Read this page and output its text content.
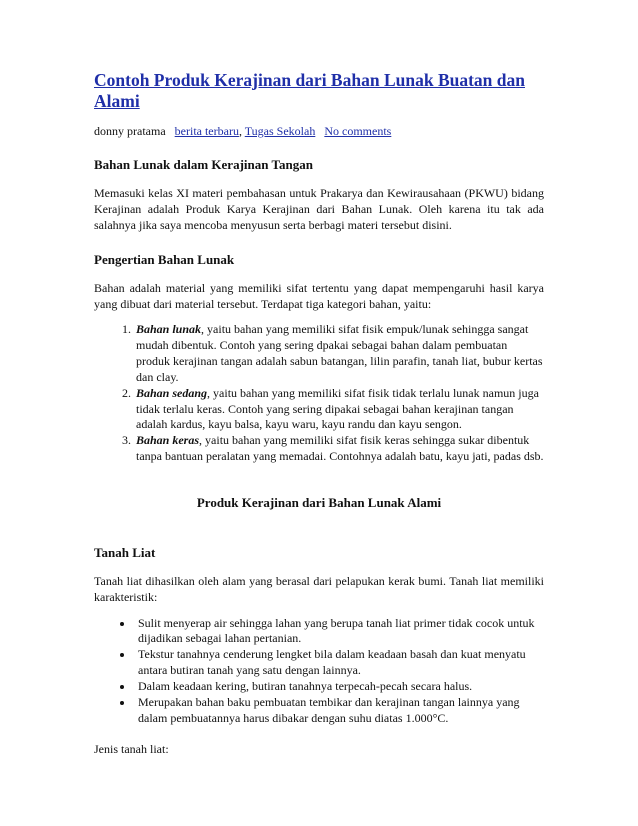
Contoh Produk Kerajinan dari Bahan Lunak Buatan dan Alami
donny pratama berita terbaru, Tugas Sekolah No comments
Bahan Lunak dalam Kerajinan Tangan

Memasuki kelas XI materi pembahasan untuk Prakarya dan Kewirausahaan (PKWU) bidang Kerajinan adalah Produk Karya Kerajinan dari Bahan Lunak. Oleh karena itu tak ada salahnya jika saya mencoba menyusun serta berbagi materi tersebut disini.

Pengertian Bahan Lunak

Bahan adalah material yang memiliki sifat tertentu yang dapat mempengaruhi hasil karya yang dibuat dari material tersebut. Terdapat tiga kategori bahan, yaitu:

1. Bahan lunak, yaitu bahan yang memiliki sifat fisik empuk/lunak sehingga sangat mudah dibentuk. Contoh yang sering dpakai sebagai bahan dalam pembuatan produk kerajinan tangan adalah sabun batangan, lilin parafin, tanah liat, bubur kertas dan clay.
2. Bahan sedang, yaitu bahan yang memiliki sifat fisik tidak terlalu lunak namun juga tidak terlalu keras. Contoh yang sering dipakai sebagai bahan kerajinan tangan adalah kardus, kayu balsa, kayu waru, kayu randu dan kayu sengon.
3. Bahan keras, yaitu bahan yang memiliki sifat fisik keras sehingga sukar dibentuk tanpa bantuan peralatan yang memadai. Contohnya adalah batu, kayu jati, padas dsb.
Produk Kerajinan dari Bahan Lunak Alami
Tanah Liat

Tanah liat dihasilkan oleh alam yang berasal dari pelapukan kerak bumi. Tanah liat memiliki karakteristik:

• Sulit menyerap air sehingga lahan yang berupa tanah liat primer tidak cocok untuk dijadikan sebagai lahan pertanian.
• Tekstur tanahnya cenderung lengket bila dalam keadaan basah dan kuat menyatu antara butiran tanah yang satu dengan lainnya.
• Dalam keadaan kering, butiran tanahnya terpecah-pecah secara halus.
• Merupakan bahan baku pembuatan tembikar dan kerajinan tangan lainnya yang dalam pembuatannya harus dibakar dengan suhu diatas 1.000°C.

Jenis tanah liat:
